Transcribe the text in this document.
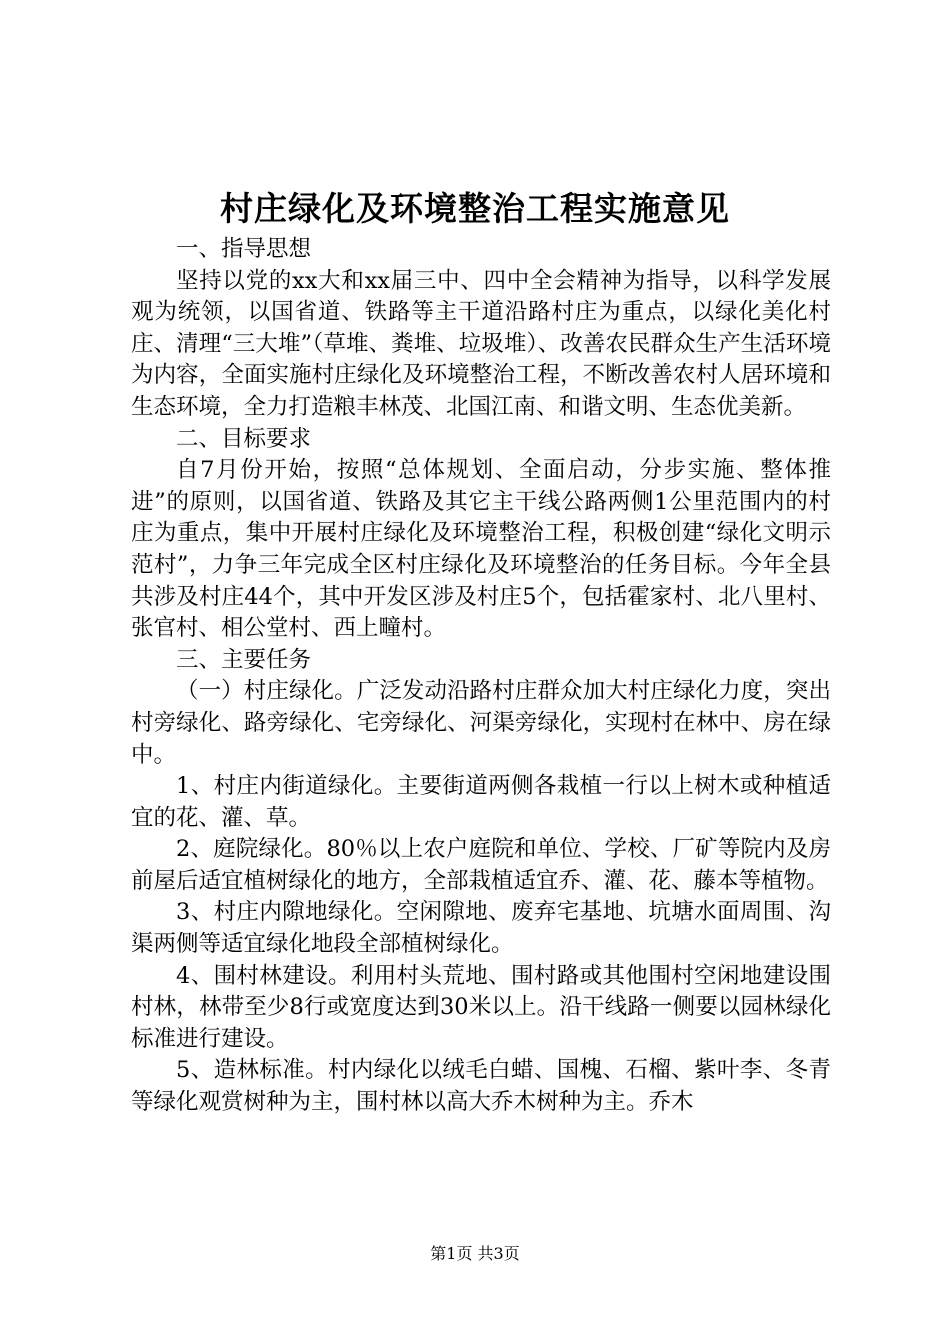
村庄绿化及环境整治工程实施意见

一、指导思想

坚持以党的xx大和xx届三中、四中全会精神为指导，以科学发展观为统领，以国省道、铁路等主干道沿路村庄为重点，以绿化美化村庄、清理“三大堆”（草堆、粪堆、垃圾堆）、改善农民群众生产生活环境为内容，全面实施村庄绿化及环境整治工程，不断改善农村人居环境和生态环境，全力打造粮丰林茂、北国江南、和谐文明、生态优美新。

二、目标要求

自7月份开始，按照“总体规划、全面启动，分步实施、整体推进”的原则，以国省道、铁路及其它主干线公路两侧1公里范围内的村庄为重点，集中开展村庄绿化及环境整治工程，积极创建“绿化文明示范村”，力争三年完成全区村庄绿化及环境整治的任务目标。今年全县共涉及村庄44个，其中开发区涉及村庄5个，包括霍家村、北八里村、张官村、相公堂村、西上疃村。

三、主要任务

（一）村庄绿化。广泛发动沿路村庄群众加大村庄绿化力度，突出村旁绿化、路旁绿化、宅旁绿化、河渠旁绿化，实现村在林中、房在绿中。

1、村庄内街道绿化。主要街道两侧各栽植一行以上树木或种植适宜的花、灌、草。

2、庭院绿化。80％以上农户庭院和单位、学校、厂矿等院内及房前屋后适宜植树绿化的地方，全部栽植适宜乔、灌、花、藤本等植物。

3、村庄内隙地绿化。空闲隙地、废弃宅基地、坑塘水面周围、沟渠两侧等适宜绿化地段全部植树绿化。

4、围村林建设。利用村头荒地、围村路或其他围村空闲地建设围村林，林带至少8行或宽度达到30米以上。沿干线路一侧要以园林绿化标准进行建设。

5、造林标准。村内绿化以绒毛白蜡、国槐、石榴、紫叶李、冬青等绿化观赏树种为主，围村林以高大乔木树种为主。乔木

第1页 共3页
